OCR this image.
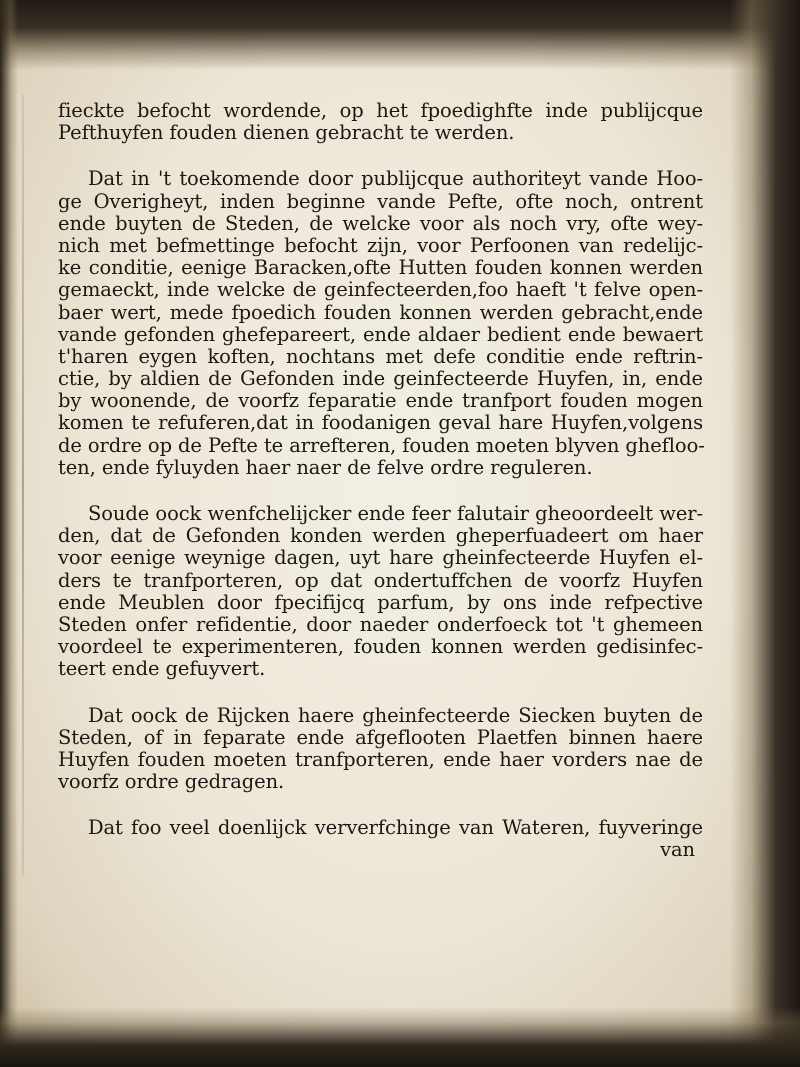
fieckte befocht wordende, op het fpoedighfte inde publijcque
Pefthuyfen fouden dienen gebracht te werden.
Dat in 't toekomende door publijcque authoriteyt vande Hoo-
ge Overigheyt, inden beginne vande Pefte, ofte noch, ontrent
ende buyten de Steden, de welcke voor als noch vry, ofte wey-
nich met befmettinge befocht zijn, voor Perfoonen van redelijc-
ke conditie, eenige Baracken,ofte Hutten fouden konnen werden
gemaeckt, inde welcke de geinfecteerden,foo haeft 't felve open-
baer wert, mede fpoedich fouden konnen werden gebracht,ende
vande gefonden ghefepareert, ende aldaer bedient ende bewaert
t'haren eygen koften, nochtans met defe conditie ende reftrin-
ctie, by aldien de Gefonden inde geinfecteerde Huyfen, in, ende
by woonende, de voorfz feparatie ende tranfport fouden mogen
komen te refuferen,dat in foodanigen geval hare Huyfen,volgens
de ordre op de Pefte te arrefteren, fouden moeten blyven ghefloo-
ten, ende fyluyden haer naer de felve ordre reguleren.
Soude oock wenfchelijcker ende feer falutair gheoordeelt wer-
den, dat de Gefonden konden werden gheperfuadeert om haer
voor eenige weynige dagen, uyt hare gheinfecteerde Huyfen el-
ders te tranfporteren, op dat ondertuffchen de voorfz Huyfen
ende Meublen door fpecifijcq parfum, by ons inde refpective
Steden onfer refidentie, door naeder onderfoeck tot 't ghemeen
voordeel te experimenteren, fouden konnen werden gedisinfec-
teert ende gefuyvert.
Dat oock de Rijcken haere gheinfecteerde Siecken buyten de
Steden, of in feparate ende afgeflooten Plaetfen binnen haere
Huyfen fouden moeten tranfporteren, ende haer vorders nae de
voorfz ordre gedragen.
Dat foo veel doenlijck ververfchinge van Wateren, fuyveringe
van
